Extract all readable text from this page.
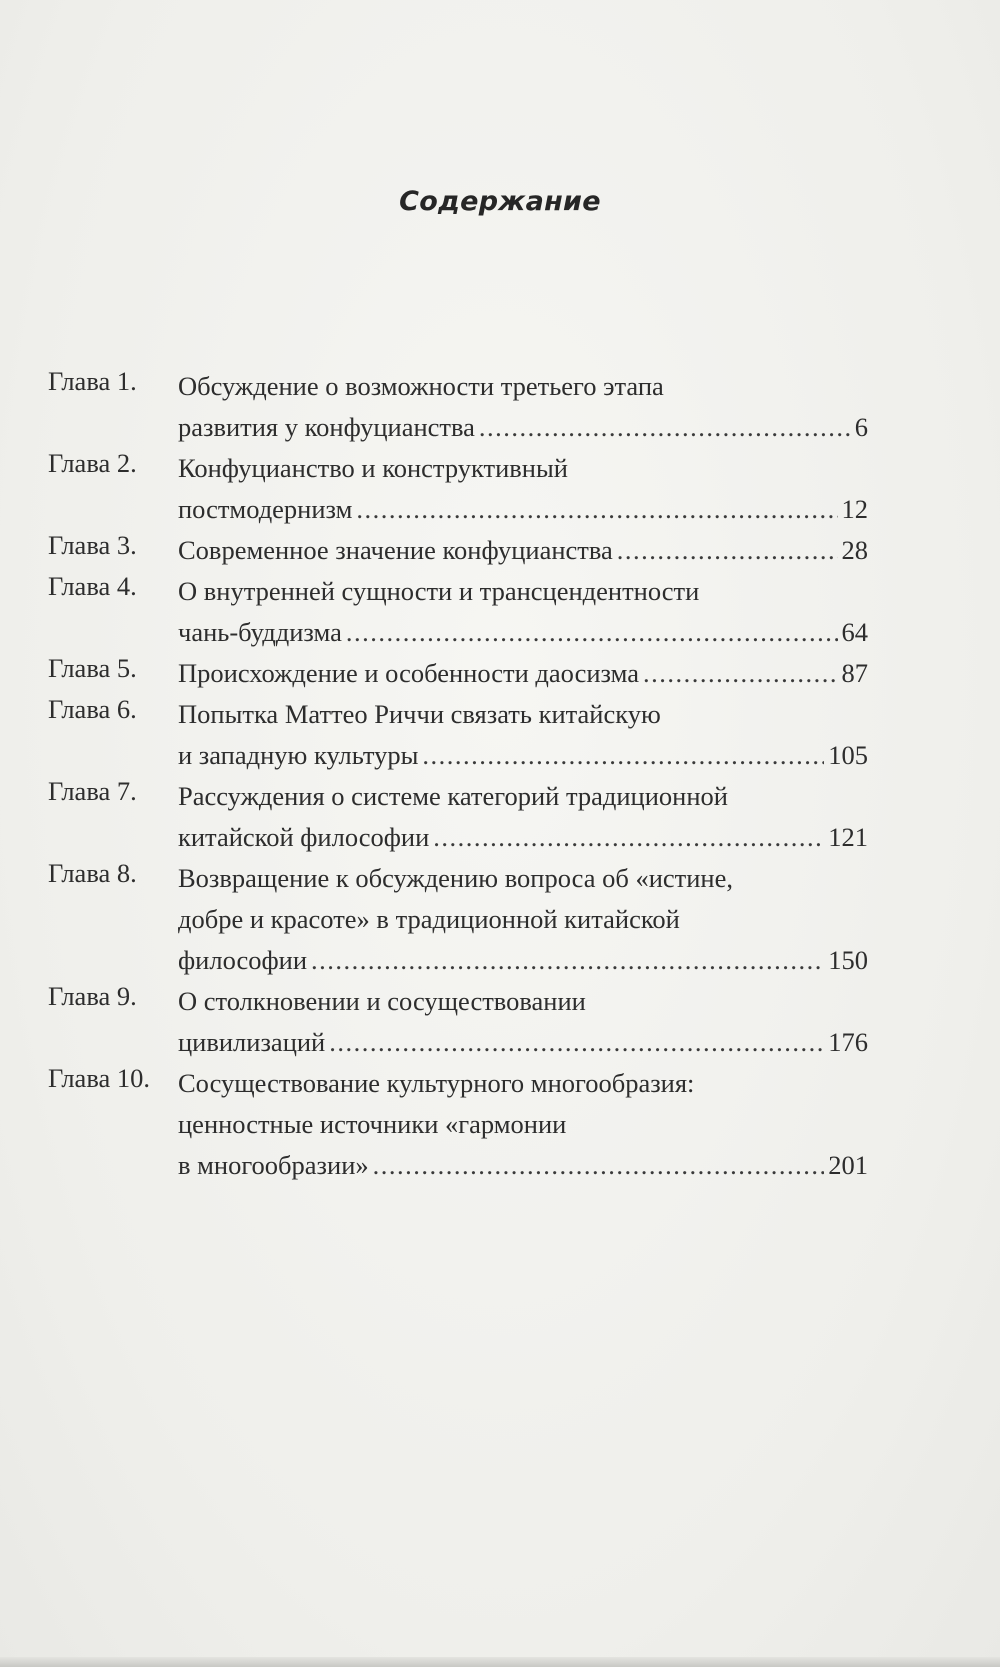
Содержание
Глава 1. Обсуждение о возможности третьего этапа
развития у конфуцианства .....	6
Глава 2. Конфуцианство и конструктивный
постмодернизм .....	12
Глава 3. Современное значение конфуцианства .....	28
Глава 4. О внутренней сущности и трансцендентности
чань-буддизма .....	64
Глава 5. Происхождение и особенности даосизма .....	87
Глава 6. Попытка Маттео Риччи связать китайскую
и западную культуры .....	105
Глава 7. Рассуждения о системе категорий традиционной
китайской философии .....	121
Глава 8. Возвращение к обсуждению вопроса об «истине,
добре и красоте» в традиционной китайской
философии .....	150
Глава 9. О столкновении и сосуществовании
цивилизаций .....	176
Глава 10. Сосуществование культурного многообразия:
ценностные источники «гармонии
в многообразии» .....	201
